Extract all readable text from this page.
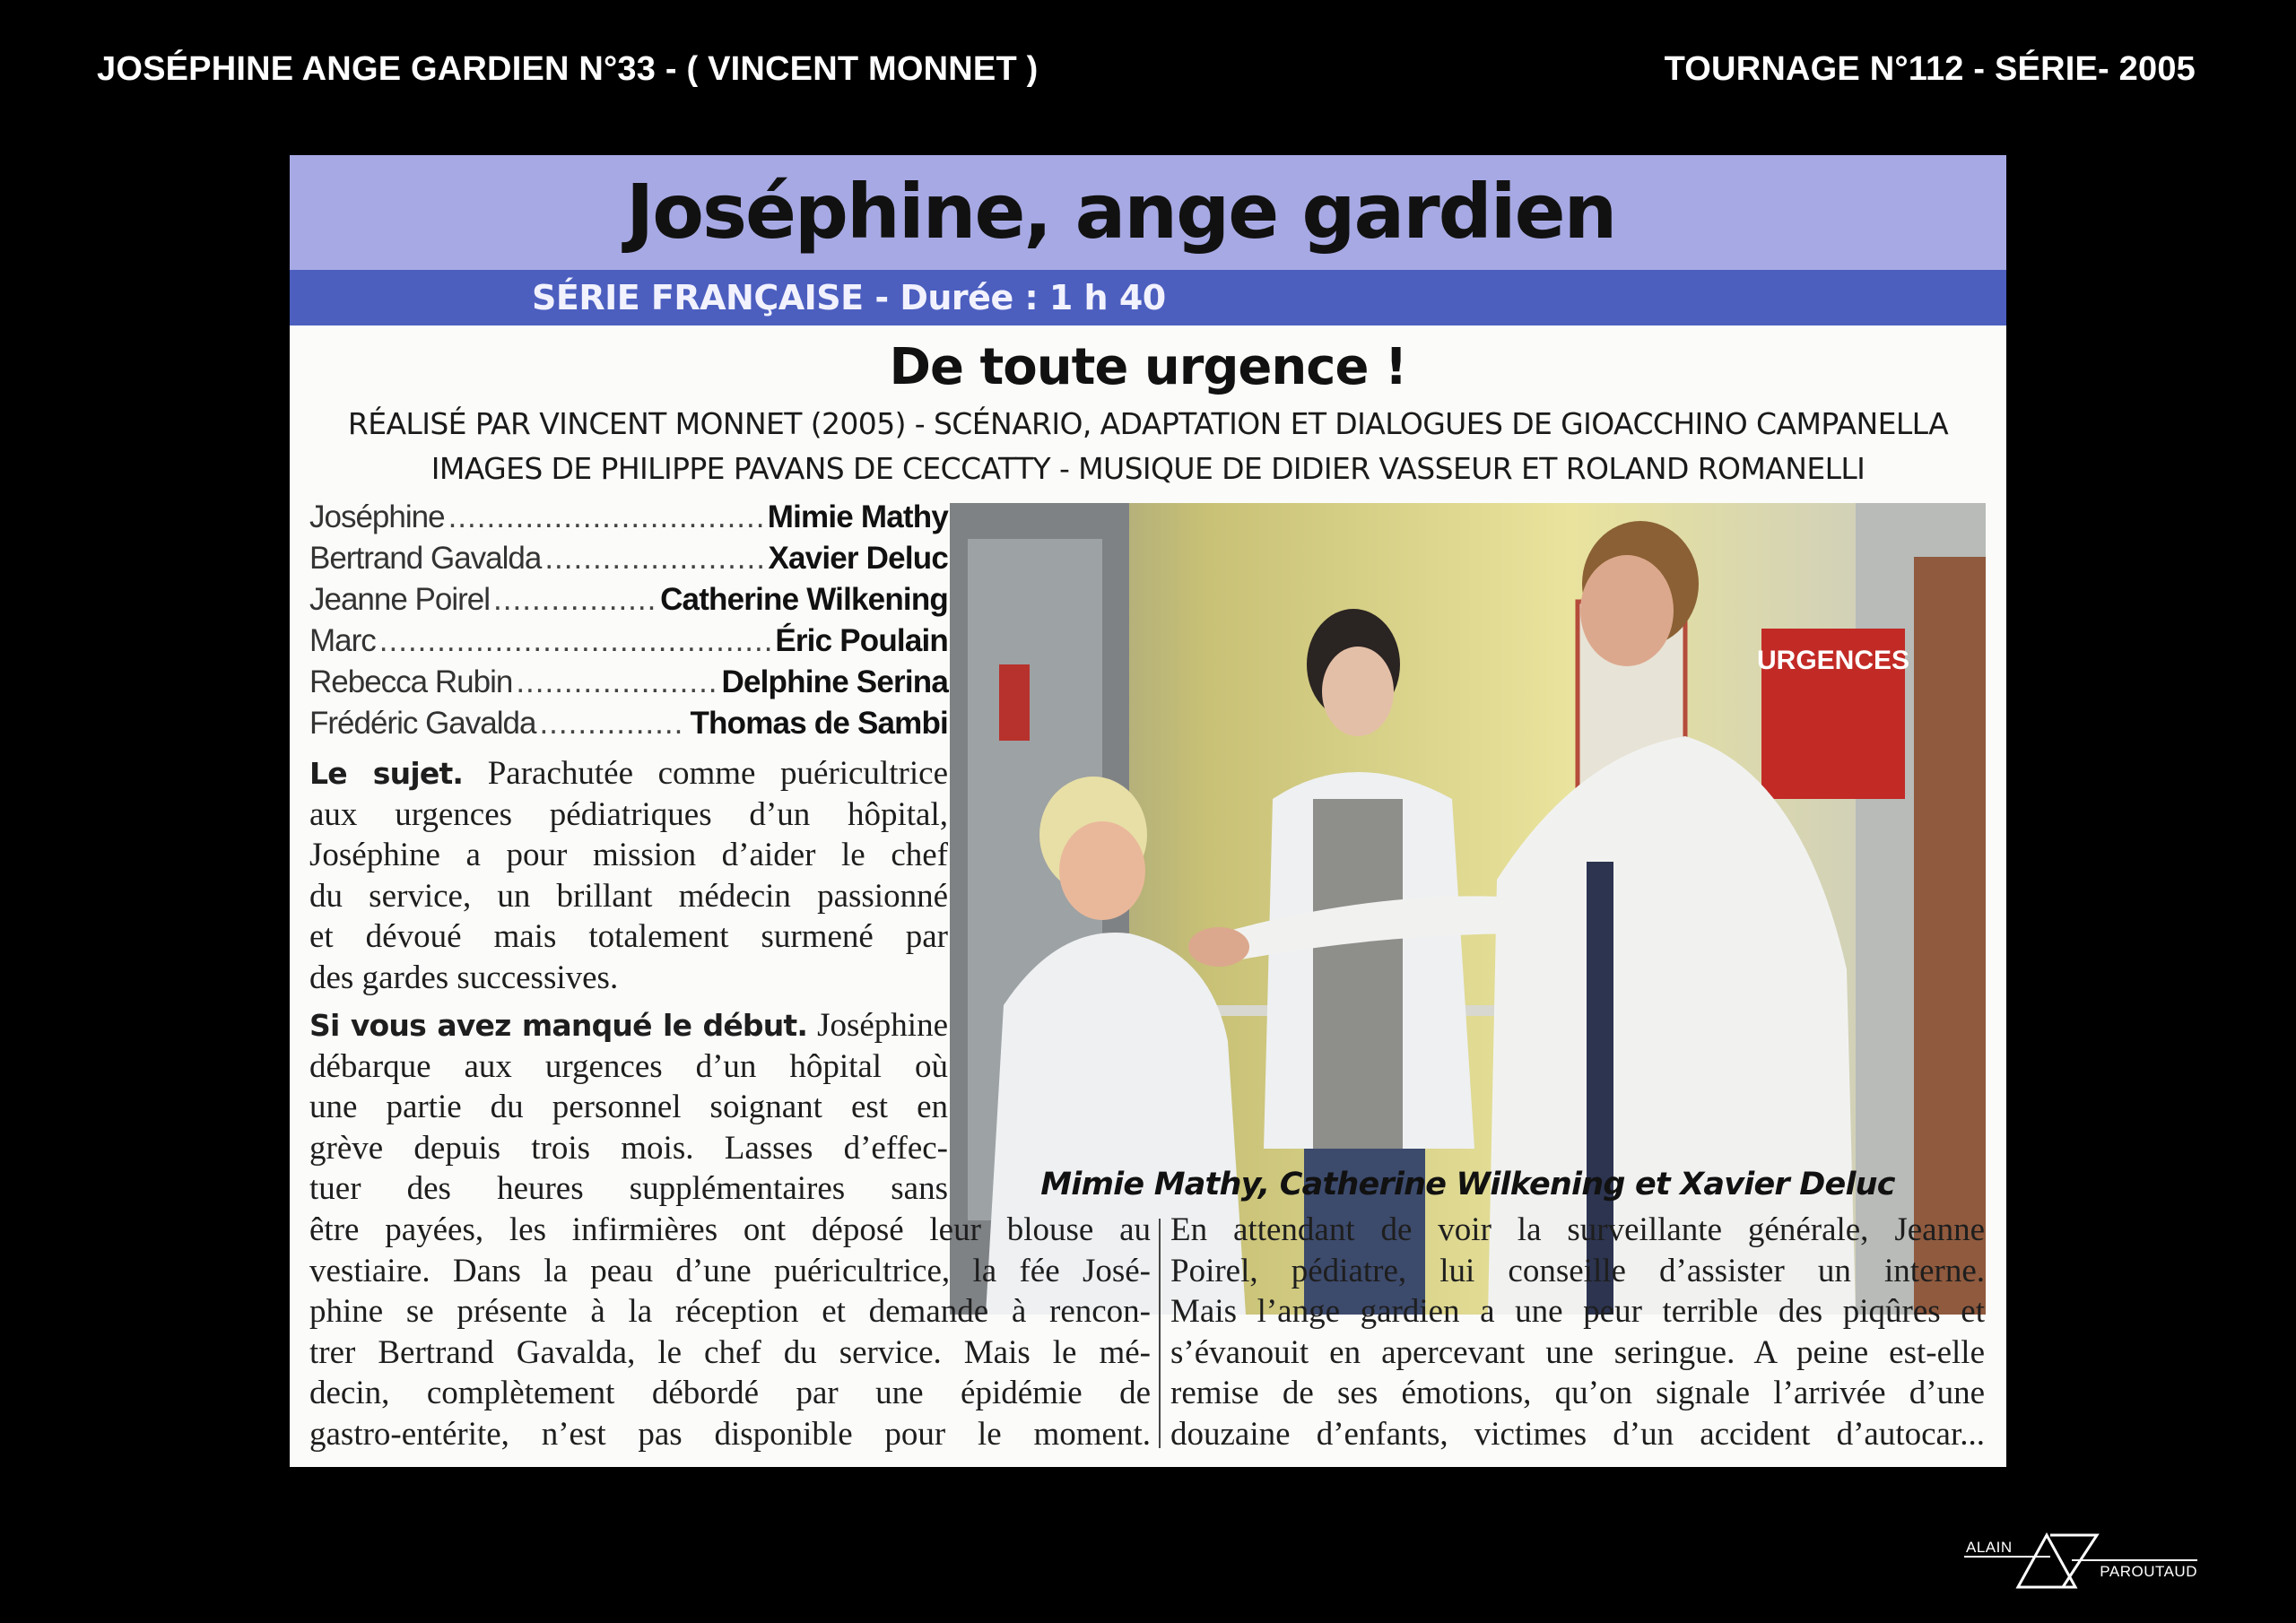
JOSÉPHINE ANGE GARDIEN N°33 - ( VINCENT MONNET )	TOURNAGE N°112 - SÉRIE- 2005
Joséphine, ange gardien
SÉRIE FRANÇAISE - Durée : 1 h 40
De toute urgence !
RÉALISÉ PAR VINCENT MONNET (2005) - SCÉNARIO, ADAPTATION ET DIALOGUES DE GIOACCHINO CAMPANELLA
IMAGES DE PHILIPPE PAVANS DE CECCATTY - MUSIQUE DE DIDIER VASSEUR ET ROLAND ROMANELLI
Joséphine .....	Mimie Mathy
Bertrand Gavalda .....	Xavier Deluc
Jeanne Poirel .....	Catherine Wilkening
Marc .....	Éric Poulain
Rebecca Rubin .....	Delphine Serina
Frédéric Gavalda .....	Thomas de Sambi
Le sujet. Parachutée comme puéricultrice
aux urgences pédiatriques d’un hôpital,
Joséphine a pour mission d’aider le chef
du service, un brillant médecin passionné
et dévoué mais totalement surmené par
des gardes successives.
Si vous avez manqué le début. Joséphine
débarque aux urgences d’un hôpital où
une partie du personnel soignant est en
grève depuis trois mois. Lasses d’effec-
tuer des heures supplémentaires sans
URGENCES
Mimie Mathy, Catherine Wilkening et Xavier Deluc
être payées, les infirmières ont déposé leur blouse au
vestiaire. Dans la peau d’une puéricultrice, la fée José-
phine se présente à la réception et demande à rencon-
trer Bertrand Gavalda, le chef du service. Mais le mé-
decin, complètement débordé par une épidémie de
gastro-entérite, n’est pas disponible pour le moment.
En attendant de voir la surveillante générale, Jeanne
Poirel, pédiatre, lui conseille d’assister un interne.
Mais l’ange gardien a une peur terrible des piqûres et
s’évanouit en apercevant une seringue. A peine est-elle
remise de ses émotions, qu’on signale l’arrivée d’une
douzaine d’enfants, victimes d’un accident d’autocar...
ALAIN
PAROUTAUD
